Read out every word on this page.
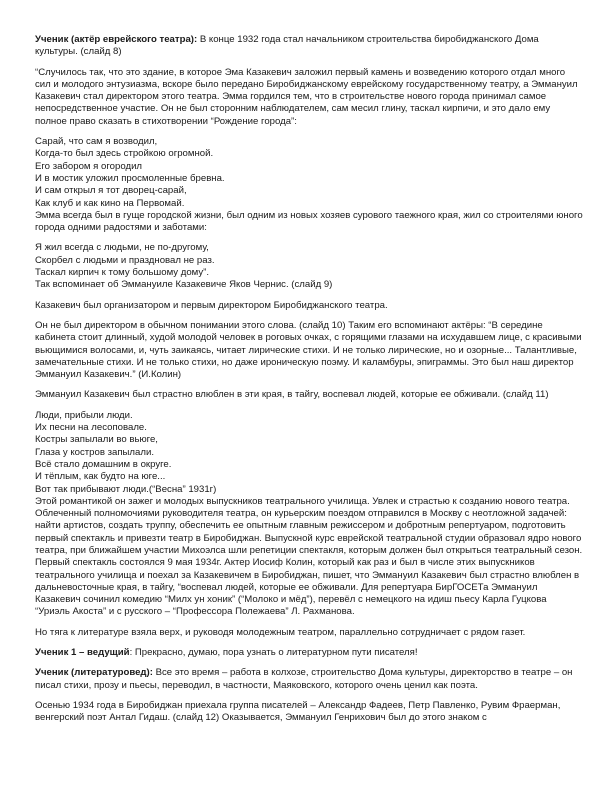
Ученик (актёр еврейского театра): В конце 1932 года стал начальником строительства биробиджанского Дома культуры. (слайд 8)

“Случилось так, что это здание, в которое Эма Казакевич заложил первый камень и возведению которого отдал много сил и молодого энтузиазма, вскоре было передано Биробиджанскому еврейскому государственному театру, а Эммануил Казакевич стал директором этого театра. Эмма гордился тем, что в строительстве нового города принимал самое непосредственное участие. Он не был сторонним наблюдателем, сам месил глину, таскал кирпичи, и это дало ему полное право сказать в стихотворении “Рождение города”:

Сарай, что сам я возводил,

Когда-то был здесь стройкою огромной.

Его забором я огородил

И в мостик уложил просмоленные бревна.

И сам открыл я тот дворец-сарай,

Как клуб и как кино на Первомай.

Эмма всегда был в гуще городской жизни, был одним из новых хозяев сурового таежного края, жил со строителями юного города одними радостями и заботами:

Я жил всегда с людьми, не по-другому,

Скорбел с людьми и праздновал не раз.

Таскал кирпич к тому большому дому”.

Так вспоминает об Эммануиле Казакевиче Яков Чернис. (слайд 9)

Казакевич был организатором и первым директором Биробиджанского театра.

Он не был директором в обычном понимании этого слова. (слайд 10) Таким его вспоминают актёры: “В середине кабинета стоит длинный, худой молодой человек в роговых очках, с горящими глазами на исхудавшем лице, с красивыми вьющимися волосами, и, чуть заикаясь, читает лирические стихи. И не только лирические, но и озорные... Талантливые, замечательные стихи. И не только стихи, но даже ироническую поэму. И каламбуры, эпиграммы. Это был наш директор Эммануил Казакевич.” (И.Колин)

Эммануил Казакевич был страстно влюблен в эти края, в тайгу, воспевал людей, которые ее обживали. (слайд 11)

Люди, прибыли люди.

Их песни на лесоповале.

Костры запылали во вьюге,

Глаза у костров запылали.

Всё стало домашним в округе.

И тёплым, как будто на юге...

Вот так прибывают люди.(“Весна” 1931г)

Этой романтикой он зажег и молодых выпускников театрального училища. Увлек и страстью к созданию нового театра. Облеченный полномочиями руководителя театра, он курьерским поездом отправился в Москву с неотложной задачей: найти артистов, создать труппу, обеспечить ее опытным главным режиссером и добротным репертуаром, подготовить первый спектакль и привезти театр в Биробиджан. Выпускной курс еврейской театральной студии образовал ядро нового театра, при ближайшем участии Михоэлса шли репетиции спектакля, которым должен был открыться театральный сезон. Первый спектакль состоялся 9 мая 1934г. Актер Иосиф Колин, который как раз и был в числе этих выпускников театрального училища и поехал за Казакевичем в Биробиджан, пишет, что Эммануил Казакевич был страстно влюблен в дальневосточные края, в тайгу, “воспевал людей, которые ее обживали. Для репертуара БирГОСЕТа Эммануил Казакевич сочинил комедию “Милх ун хоник” (“Молоко и мёд”), перевёл с немецкого на идиш пьесу Карла Гуцкова “Уриэль Акоста” и с русского – “Профессора Полежаева” Л. Рахманова.

Но тяга к литературе взяла верх, и руководя молодежным театром, параллельно сотрудничает с рядом газет.

Ученик 1 – ведущий: Прекрасно, думаю, пора узнать о литературном пути писателя!

Ученик (литературовед): Все это время – работа в колхозе, строительство Дома культуры, директорство в театре – он писал стихи, прозу и пьесы, переводил, в частности, Маяковского, которого очень ценил как поэта.

Осенью 1934 года в Биробиджан приехала группа писателей – Александр Фадеев, Петр Павленко, Рувим Фраерман, венгерский поэт Антал Гидаш. (слайд 12) Оказывается, Эммануил Генрихович был до этого знаком с
